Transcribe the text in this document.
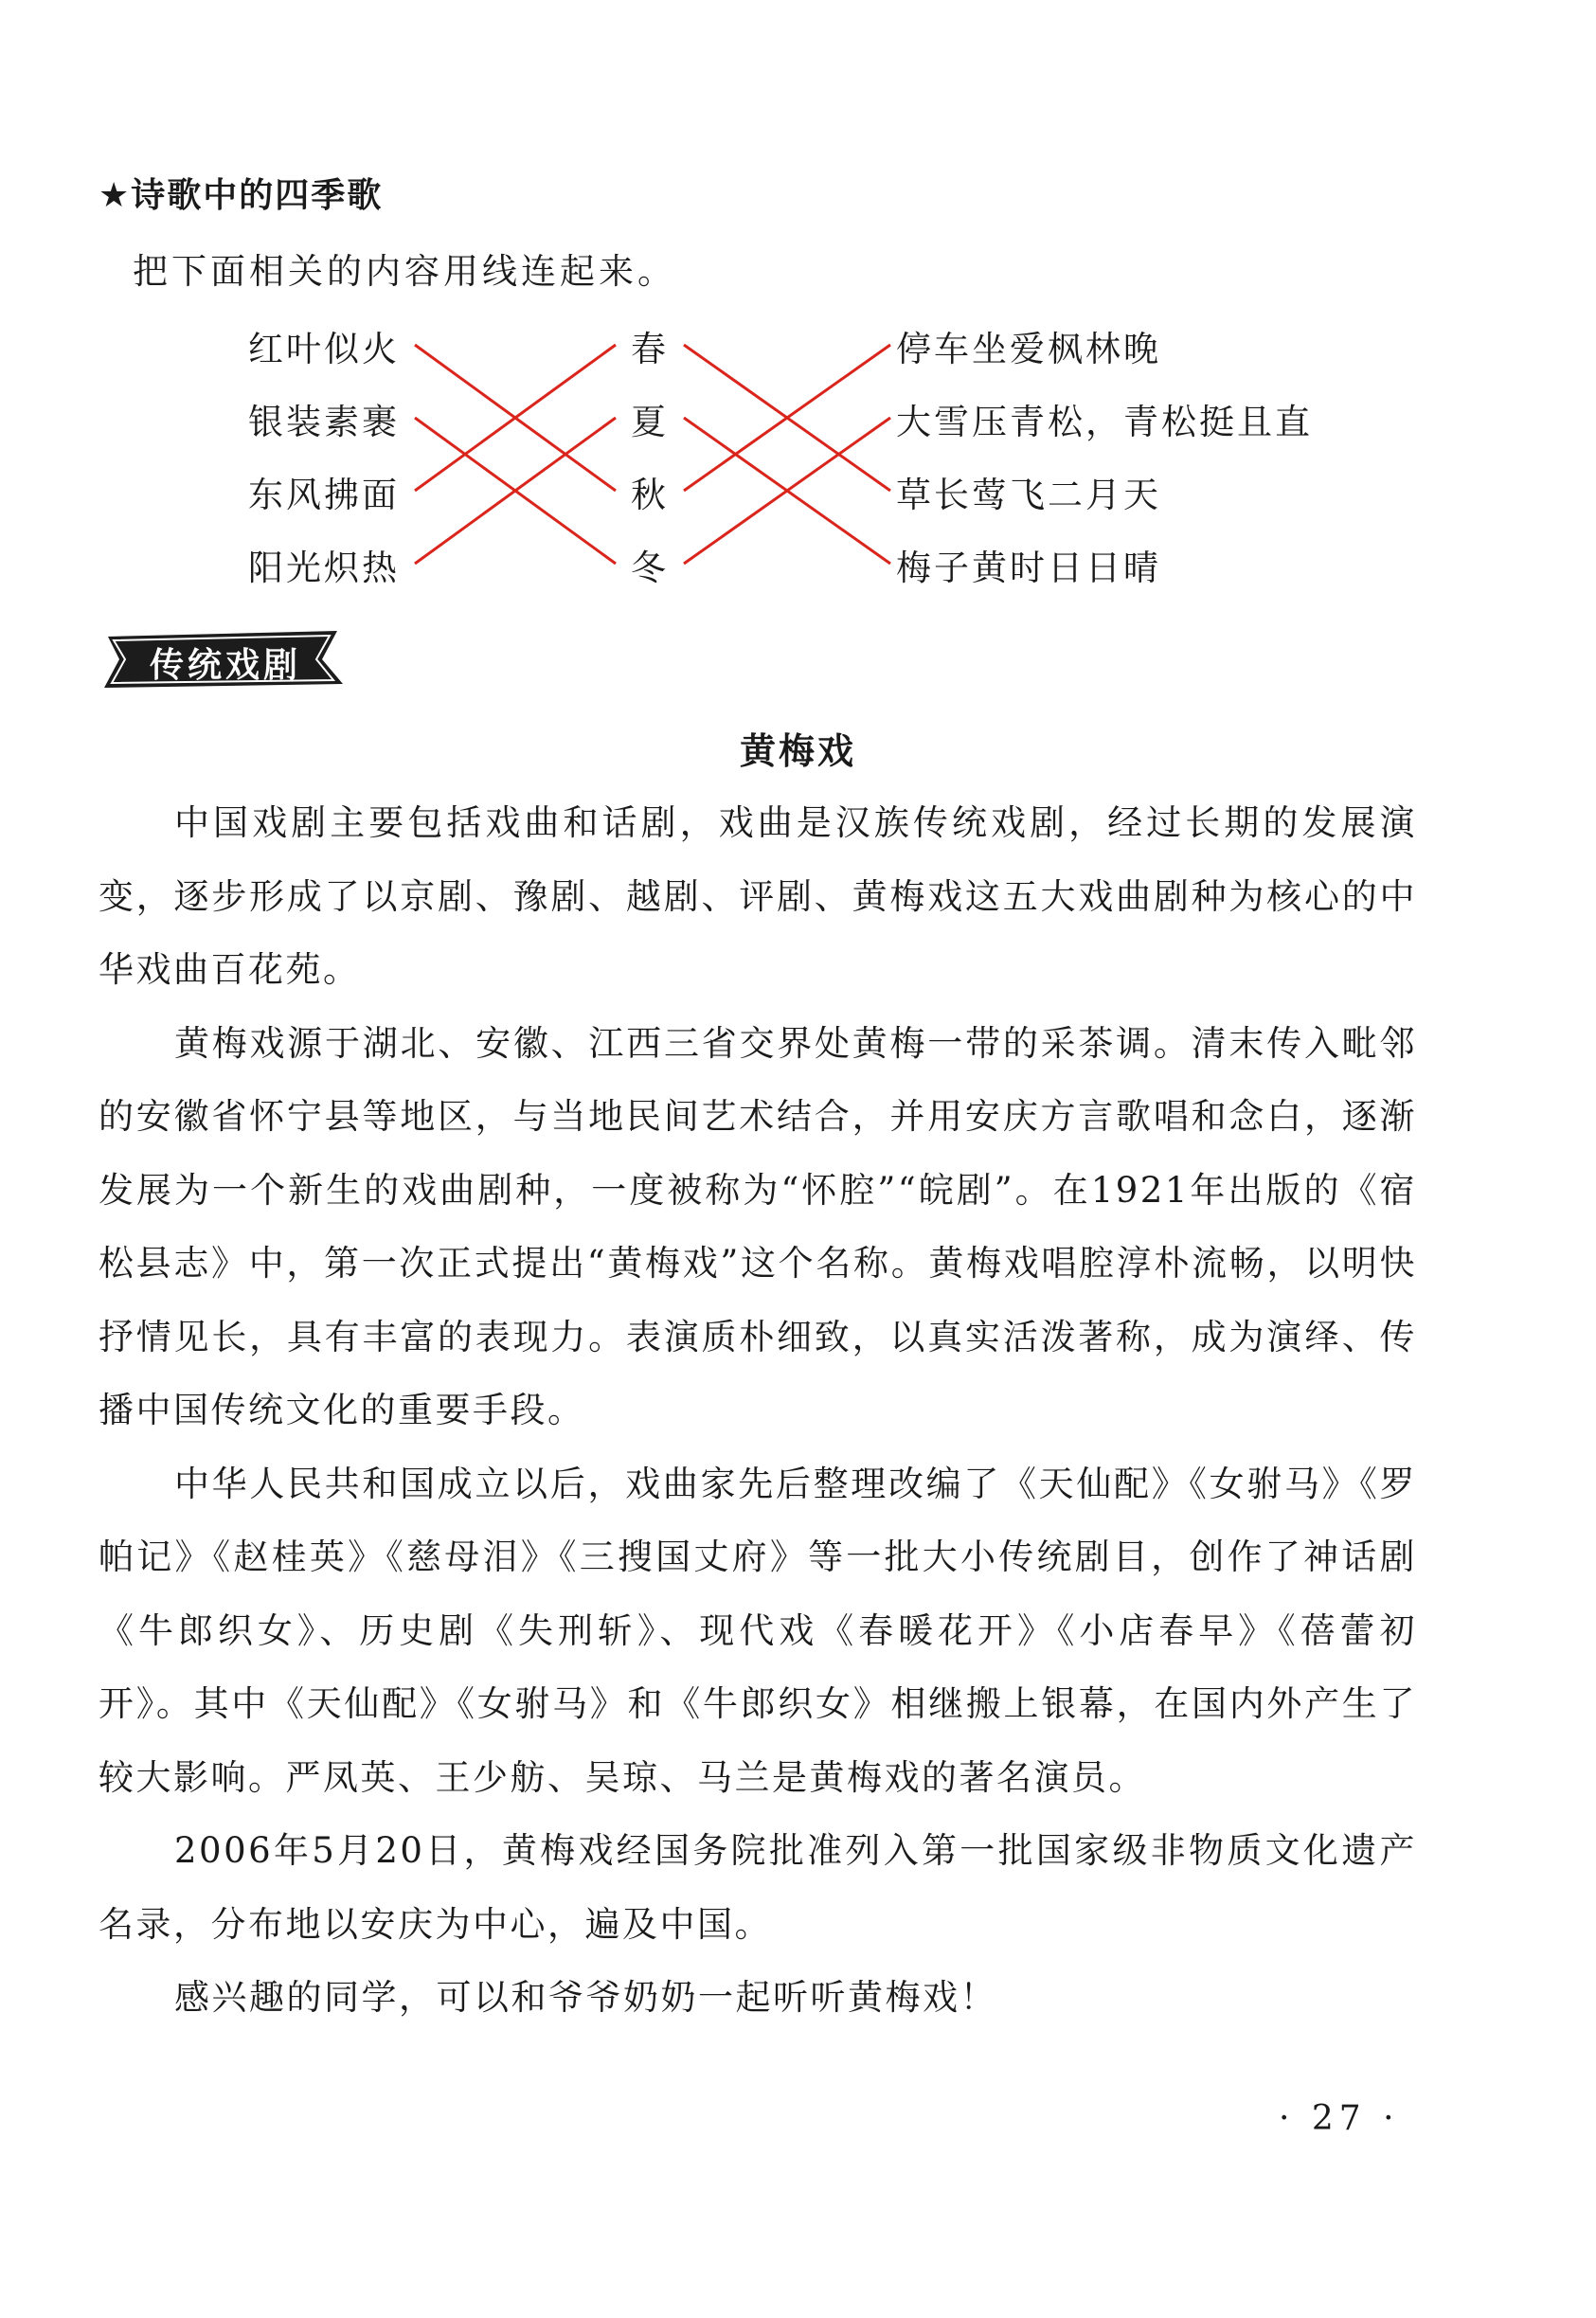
★诗歌中的四季歌
把下面相关的内容用线连起来。
红叶似火
银装素裹
东风拂面
阳光炽热
春
夏
秋
冬
停车坐爱枫林晚
大雪压青松，青松挺且直
草长莺飞二月天
梅子黄时日日晴
传统戏剧
黄梅戏

中国戏剧主要包括戏曲和话剧，戏曲是汉族传统戏剧，经过长期的发展演变，逐步形成了以京剧、豫剧、越剧、评剧、黄梅戏这五大戏曲剧种为核心的中华戏曲百花苑。

黄梅戏源于湖北、安徽、江西三省交界处黄梅一带的采茶调。清末传入毗邻的安徽省怀宁县等地区，与当地民间艺术结合，并用安庆方言歌唱和念白，逐渐发展为一个新生的戏曲剧种，一度被称为“怀腔”“皖剧”。在1921年出版的《宿松县志》中，第一次正式提出“黄梅戏”这个名称。黄梅戏唱腔淳朴流畅，以明快抒情见长，具有丰富的表现力。表演质朴细致，以真实活泼著称，成为演绎、传播中国传统文化的重要手段。

中华人民共和国成立以后，戏曲家先后整理改编了《天仙配》《女驸马》《罗帕记》《赵桂英》《慈母泪》《三搜国丈府》等一批大小传统剧目，创作了神话剧《牛郎织女》、历史剧《失刑斩》、现代戏《春暖花开》《小店春早》《蓓蕾初开》。其中《天仙配》《女驸马》和《牛郎织女》相继搬上银幕，在国内外产生了较大影响。严凤英、王少舫、吴琼、马兰是黄梅戏的著名演员。

2006年5月20日，黄梅戏经国务院批准列入第一批国家级非物质文化遗产名录，分布地以安庆为中心，遍及中国。

感兴趣的同学，可以和爷爷奶奶一起听听黄梅戏！

· 27 ·
